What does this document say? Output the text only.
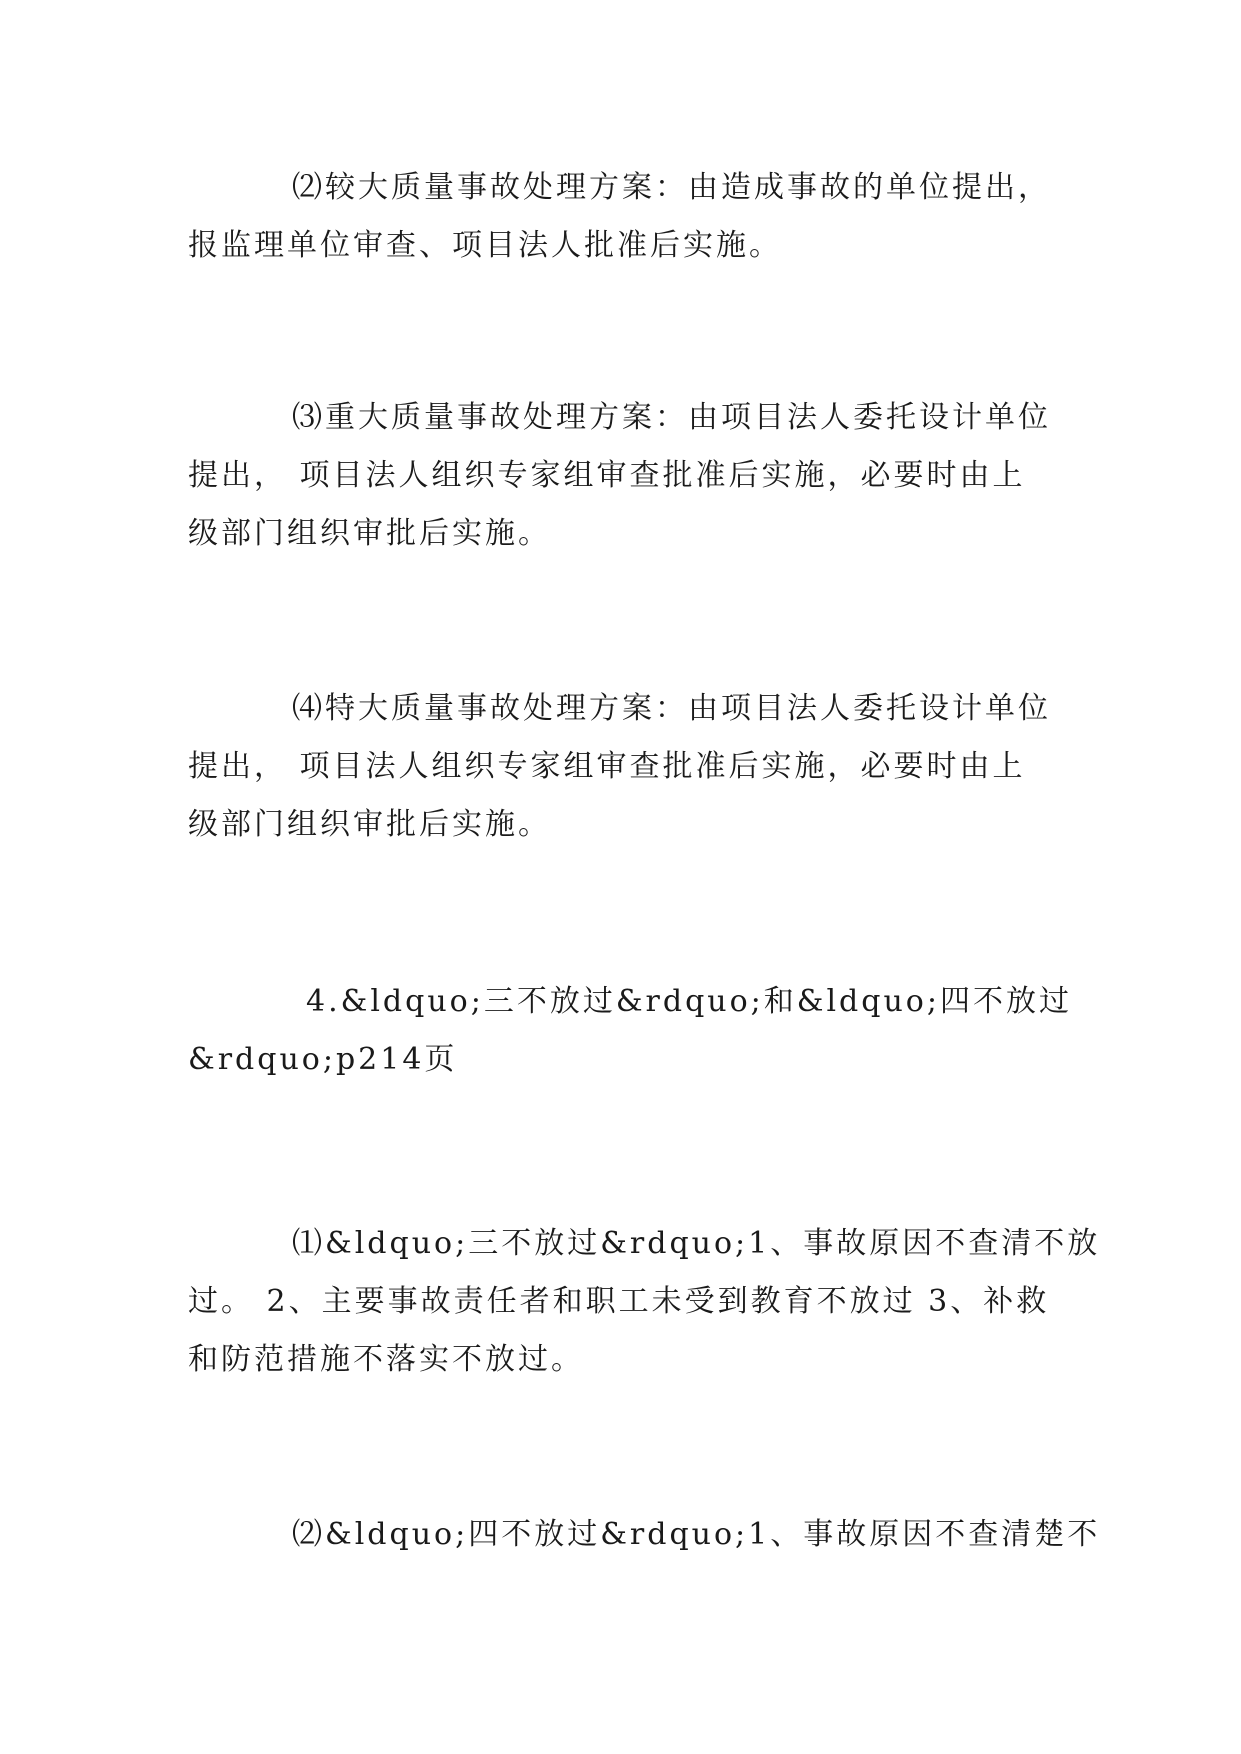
⑵较大质量事故处理方案：由造成事故的单位提出，
报监理单位审查、项目法人批准后实施。

⑶重大质量事故处理方案：由项目法人委托设计单位
提出， 项目法人组织专家组审查批准后实施，必要时由上
级部门组织审批后实施。

⑷特大质量事故处理方案：由项目法人委托设计单位
提出， 项目法人组织专家组审查批准后实施，必要时由上
级部门组织审批后实施。

4.&ldquo;三不放过&rdquo;和&ldquo;四不放过
&rdquo;p214页

⑴&ldquo;三不放过&rdquo;1、事故原因不查清不放
过。 2、主要事故责任者和职工未受到教育不放过 3、补救
和防范措施不落实不放过。

⑵&ldquo;四不放过&rdquo;1、事故原因不查清楚不
